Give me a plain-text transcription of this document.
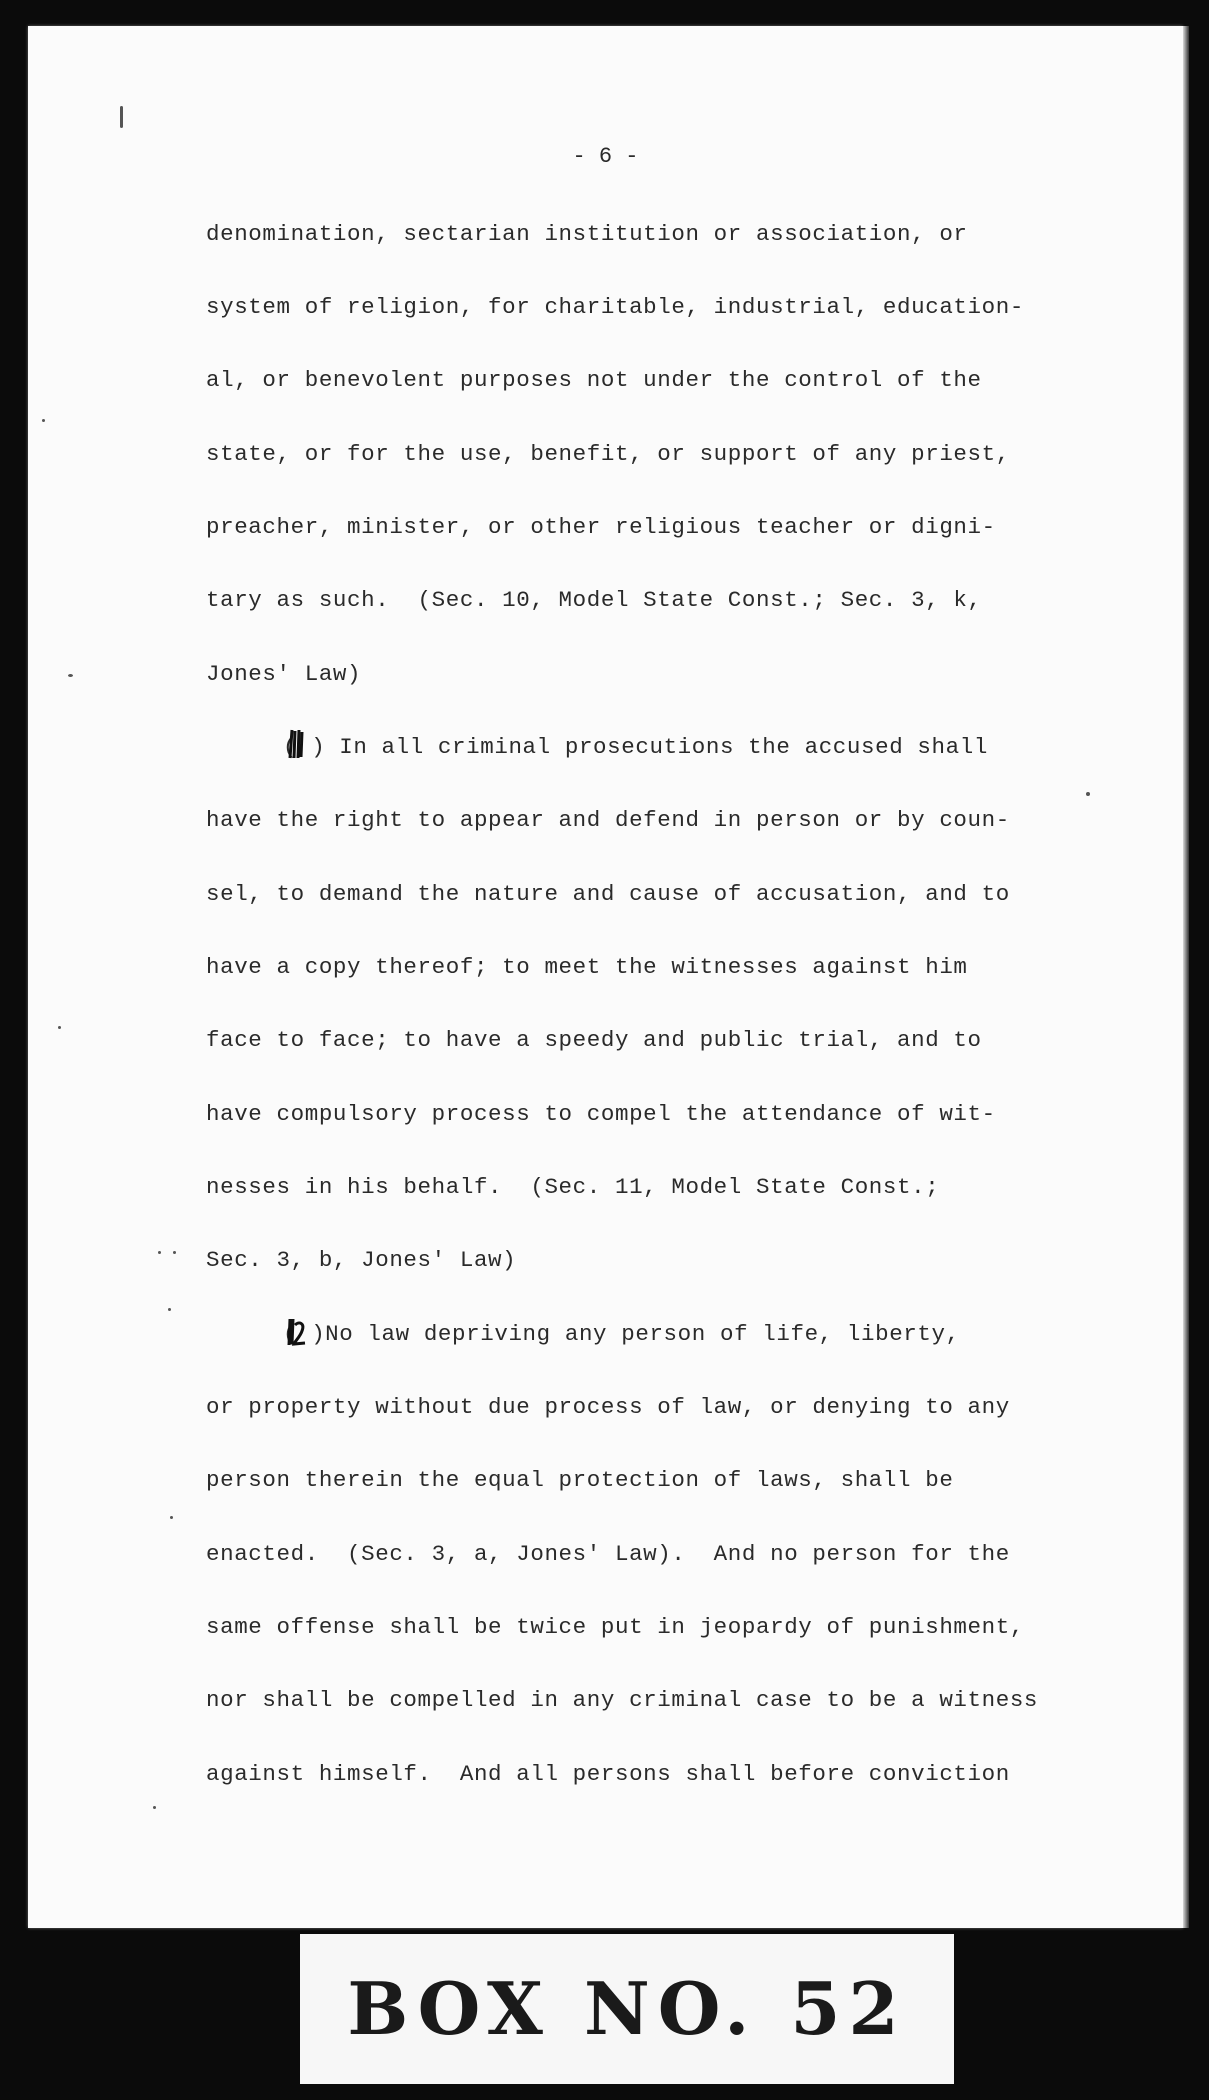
- 6 -
denomination, sectarian institution or association, or
system of religion, for charitable, industrial, education-
al, or benevolent purposes not under the control of the
state, or for the use, benefit, or support of any priest,
preacher, minister, or other religious teacher or digni-
tary as such.  (Sec. 10, Model State Const.; Sec. 3, k,
Jones' Law)
(
) In all criminal prosecutions the accused shall
have the right to appear and defend in person or by coun-
sel, to demand the nature and cause of accusation, and to
have a copy thereof; to meet the witnesses against him
face to face; to have a speedy and public trial, and to
have compulsory process to compel the attendance of wit-
nesses in his behalf.  (Sec. 11, Model State Const.;
Sec. 3, b, Jones' Law)
(
) No law depriving any person of life, liberty,
or property without due process of law, or denying to any
person therein the equal protection of laws, shall be
enacted.  (Sec. 3, a, Jones' Law).  And no person for the
same offense shall be twice put in jeopardy of punishment,
nor shall be compelled in any criminal case to be a witness
against himself.  And all persons shall before conviction
BOX NO. 52
